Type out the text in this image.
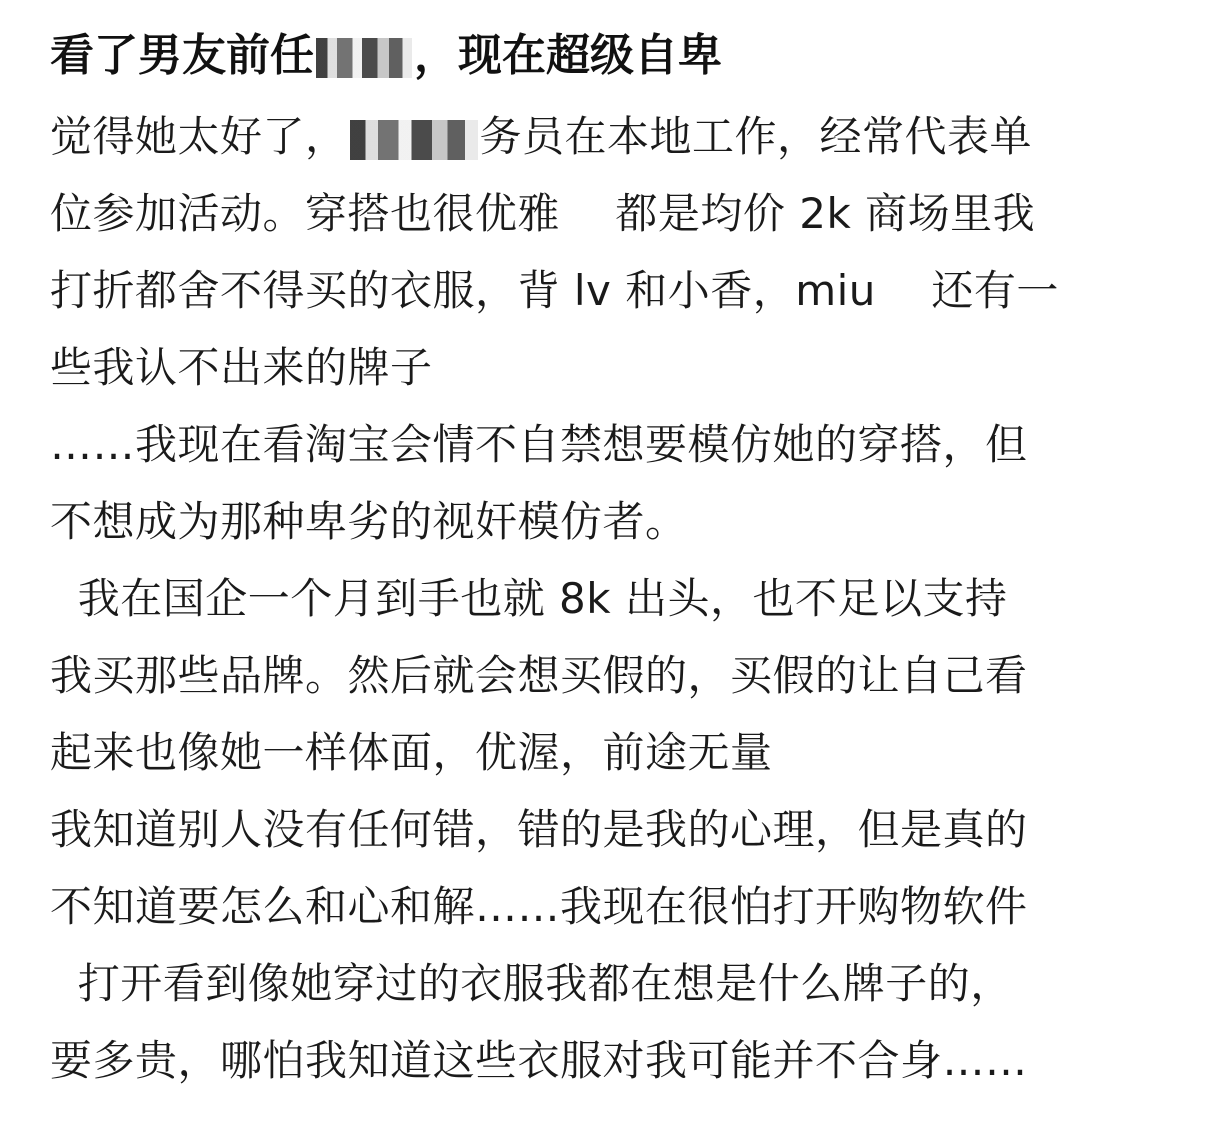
看了男友前任 ，现在超级自卑
觉得她太好了，	务员在本地工作，经常代表单
位参加活动。穿搭也很优雅    都是均价 2k 商场里我
打折都舍不得买的衣服，背 lv 和小香，miu    还有一
些我认不出来的牌子
……我现在看淘宝会情不自禁想要模仿她的穿搭，但
不想成为那种卑劣的视奸模仿者。
我在国企一个月到手也就 8k 出头，也不足以支持
我买那些品牌。然后就会想买假的，买假的让自己看
起来也像她一样体面，优渥，前途无量
我知道别人没有任何错，错的是我的心理，但是真的
不知道要怎么和心和解……我现在很怕打开购物软件
打开看到像她穿过的衣服我都在想是什么牌子的，
要多贵，哪怕我知道这些衣服对我可能并不合身……
